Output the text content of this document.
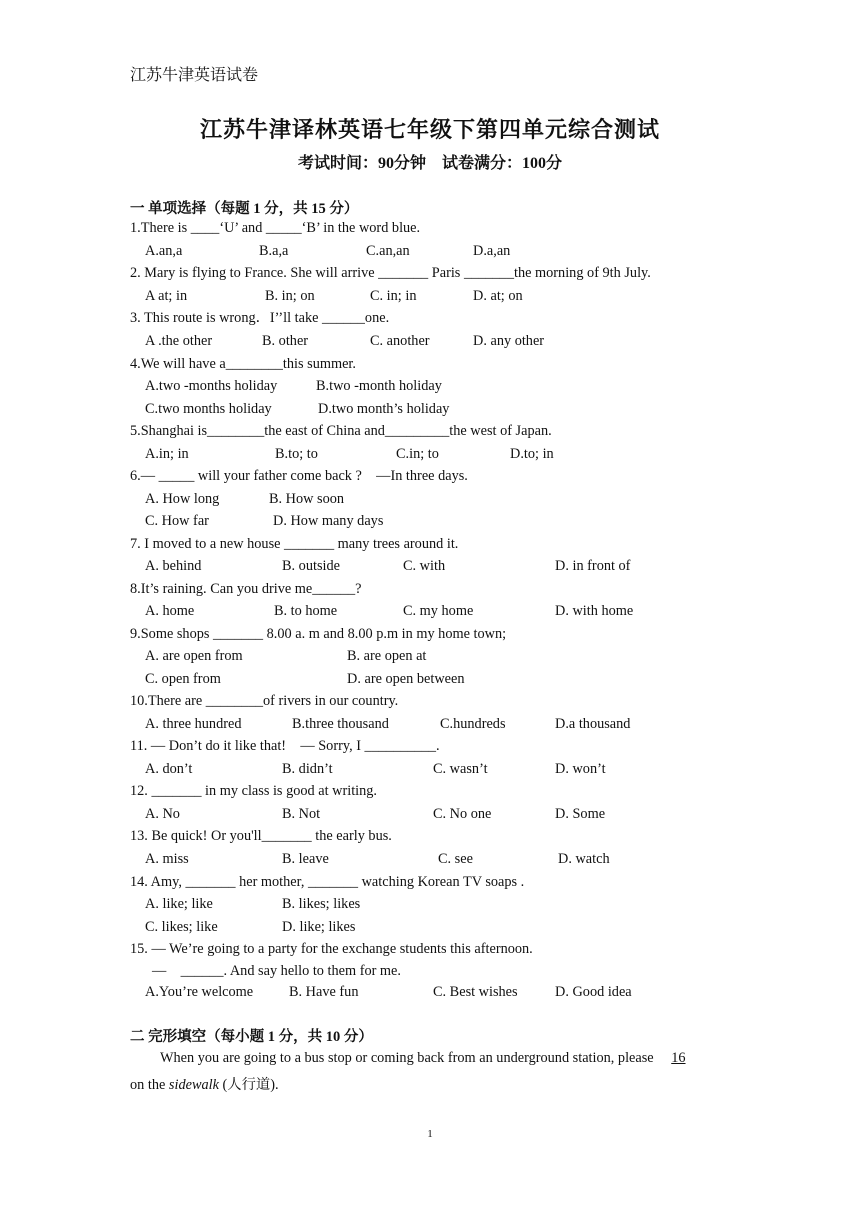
江苏牛津英语试卷
江苏牛津译林英语七年级下第四单元综合测试
考试时间：90分钟　试卷满分：100分
一 单项选择（每题 1 分，共 15 分）
1.There is ____‘U’ and _____‘B’ in the word blue.
A.an,a	B.a,a	C.an,an	D.a,an
2. Mary is flying to France. She will arrive _______ Paris _______the morning of 9th July.
A at; in	B. in; on	C. in; in	D. at; on
3. This route is wrong．I’’ll take ______one.
A .the other	B. other	C. another	D. any other
4.We will have a________this summer.
A.two -months holiday	B.two -month holiday
C.two months holiday	D.two month’s holiday
5.Shanghai is________the east of China and_________the west of Japan.
A.in; in	B.to; to	C.in; to	D.to; in
6.— _____ will your father come back ?　—In three days.
A. How long	B. How soon
C. How far	D. How many days
7. I moved to a new house _______ many trees around it.
A. behind	B. outside	C. with	D. in front of
8.It’s raining. Can you drive me______?
A. home	B. to home	C. my home	D. with home
9.Some shops _______ 8.00 a. m and 8.00 p.m in my home town;
A. are open from	B. are open at
C. open from	D. are open between
10.There are ________of rivers in our country.
A. three hundred	B.three thousand	C.hundreds	D.a thousand
11. — Don’t do it like that!　— Sorry, I __________.
A. don’t	B. didn’t	C. wasn’t	D. won’t
12. _______ in my class is good at writing.
A. No	B. Not	C. No one	D. Some
13. Be quick! Or you'll_______ the early bus.
A. miss	B. leave	C. see	D. watch
14. Amy, _______ her mother, _______ watching Korean TV soaps .
A. like; like	B. likes; likes
C. likes; like	D. like; likes
15. — We’re going to a party for the exchange students this afternoon.
—　______. And say hello to them for me.
A.You’re welcome	B. Have fun	C. Best wishes	D. Good idea
二 完形填空（每小题 1 分，共 10 分）
When you are going to a bus stop or coming back from an underground station, please 16
on the sidewalk (人行道).
1
